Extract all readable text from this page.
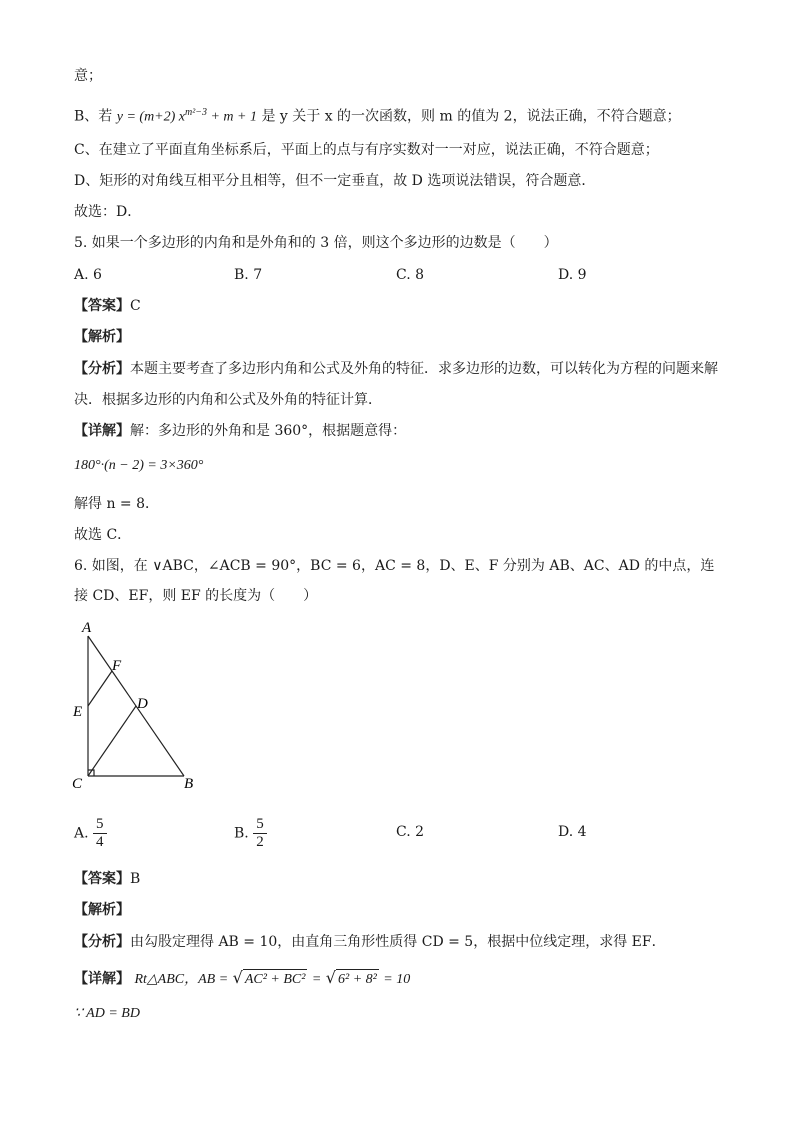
意；
B、若 y = (m+2) $x^{m^2-3} + m + 1$ 是 y 关于 x 的一次函数，则 m 的值为 2，说法正确，不符合题意；
C、在建立了平面直角坐标系后，平面上的点与有序实数对一一对应，说法正确，不符合题意；
D、矩形的对角线互相平分且相等，但不一定垂直，故 D 选项说法错误，符合题意．
故选：D．
5. 如果一个多边形的内角和是外角和的 3 倍，则这个多边形的边数是（　　）
A. 6	B. 7	C. 8	D. 9
【答案】C
【解析】
【分析】本题主要考查了多边形内角和公式及外角的特征．求多边形的边数，可以转化为方程的问题来解
决．根据多边形的内角和公式及外角的特征计算．
【详解】解：多边形的外角和是 360°，根据题意得：
180°·(n − 2) = 3×360°
解得 n = 8．
故选 C．
6. 如图，在 ∨ABC，∠ACB = 90°，BC = 6，AC = 8，D、E、F 分别为 AB、AC、AD 的中点，连
接 CD、EF，则 EF 的长度为（　　）
A
F
E	D
C	B
A. $\frac{5}{4}$	B. $\frac{5}{2}$	C. 2	D. 4
【答案】B
【解析】
【分析】由勾股定理得 AB = 10，由直角三角形性质得 CD = 5，根据中位线定理，求得 EF．
【详解】 Rt△ABC，AB = √ AC² + BC² = √ 6² + 8² = 10
∵ AD = BD
